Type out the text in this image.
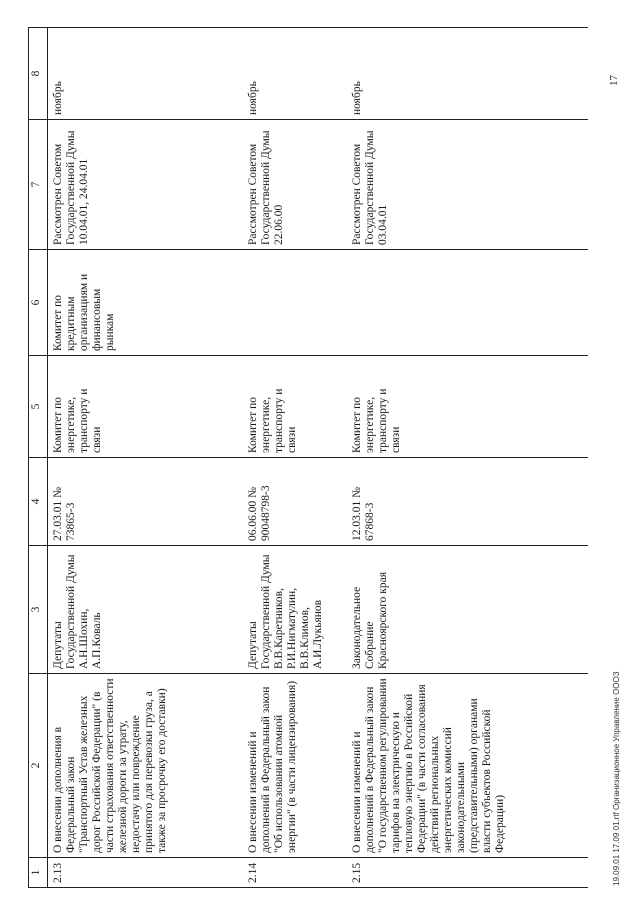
1	2	3	4	5	6	7	8
2.13	О внесении дополнения в Федеральный закон "Транспортный Устав железных дорог Российской Федерации" (в части страхования ответственности железной дороги за утрату, недостачу или повреждение принятого для перевозки груза, а также за просрочку его доставки)	Депутаты Государственной Думы А.Н.Шохин, А.П.Коваль	27.03.01 № 73865-3	Комитет по энергетике, транспорту и связи	Комитет по кредитным организациям и финансовым рынкам	Рассмотрен Советом Государственной Думы 10.04.01, 24.04.01	ноябрь
2.14	О внесении изменений и дополнений в Федеральный закон "Об использовании атомной энергии" (в части лицензирования)	Депутаты Государственной Думы В.В.Каретников, Р.И.Нигматулин, В.В.Климов, А.И.Лукьянов	06.06.00 № 90048798-3	Комитет по энергетике, транспорту и связи		Рассмотрен Советом Государственной Думы 22.06.00	ноябрь
2.15	О внесении изменений и дополнений в Федеральный закон "О государственном регулировании тарифов на электрическую и тепловую энергию в Российской Федерации" (в части согласования действий региональных энергетических комиссий законодательными (представительными) органами власти субъектов Российской Федерации)	Законодательное Собрание Красноярского края	12.03.01 № 67868-3	Комитет по энергетике, транспорту и связи		Рассмотрен Советом Государственной Думы 03.04.01	ноябрь
19.09.01 17.09 01.rtf Организационное Управление ОООЗ
17
